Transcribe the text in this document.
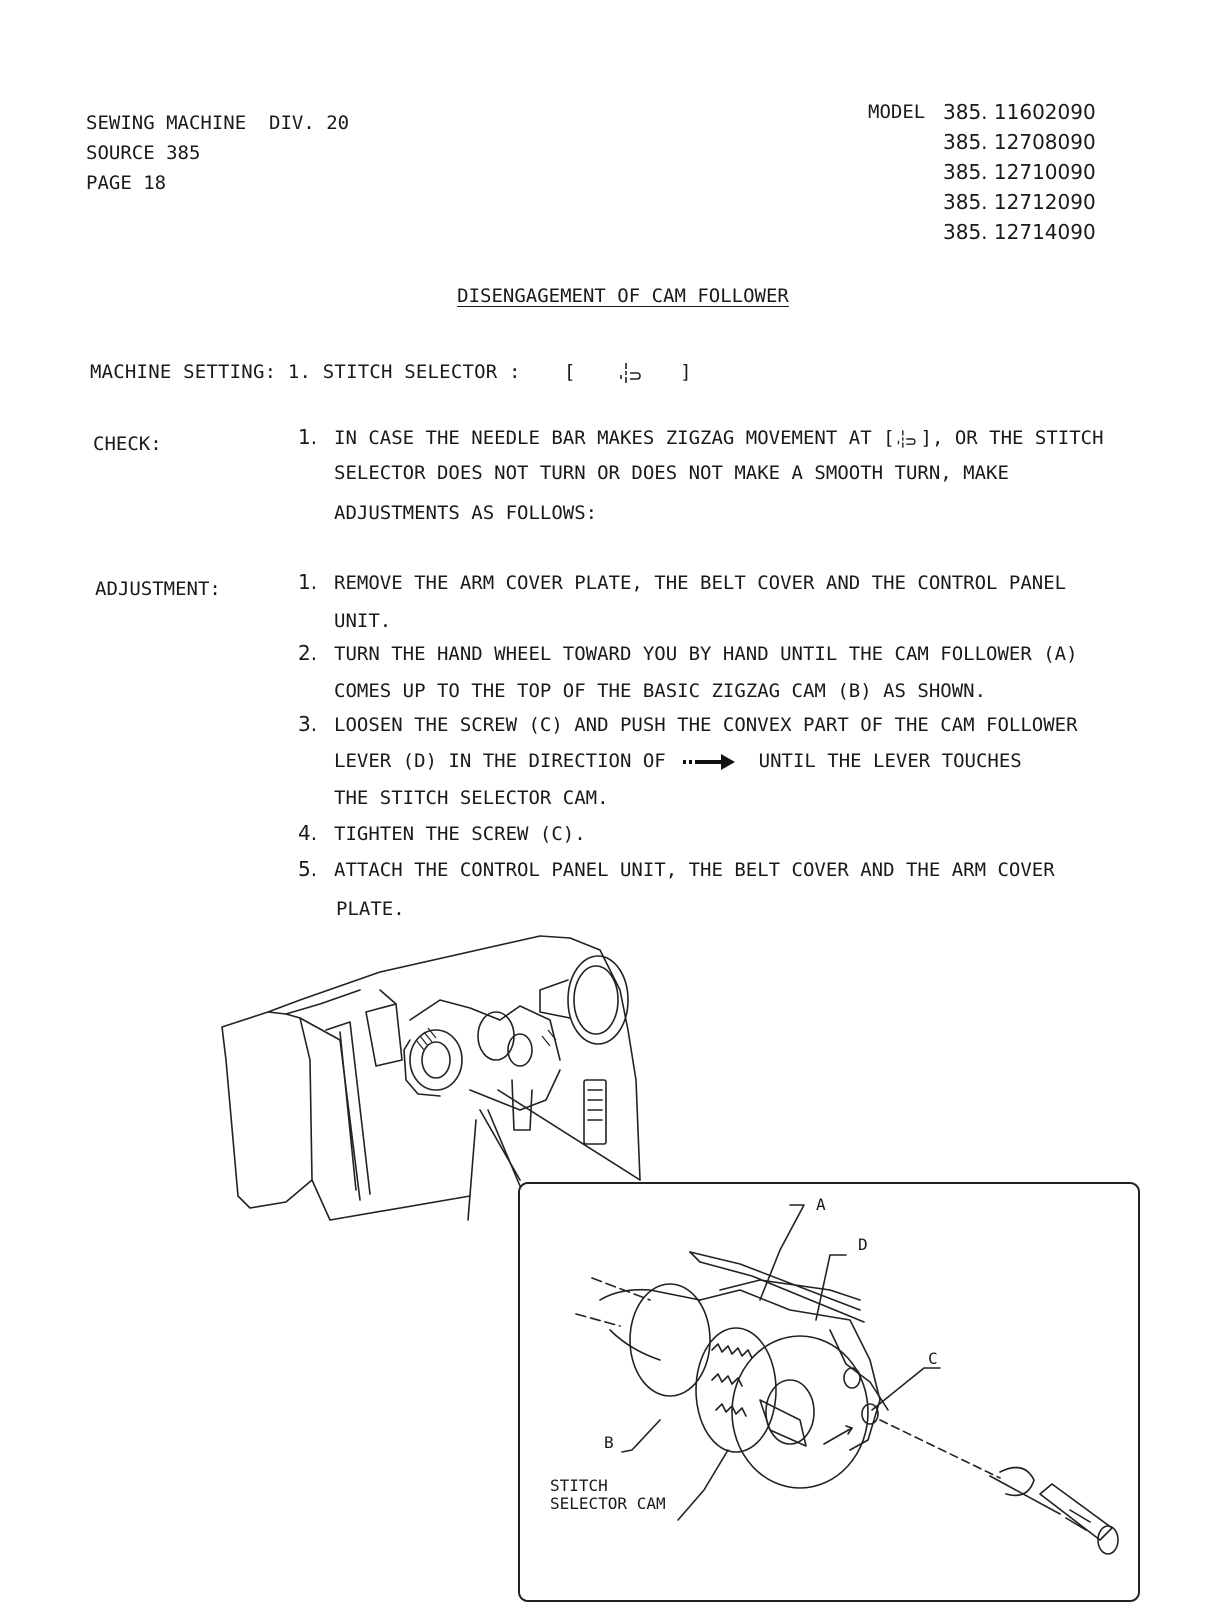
SEWING MACHINE  DIV. 20
SOURCE 385
PAGE 18
MODEL 385. 11602090
385. 12708090
385. 12710090
385. 12712090
385. 12714090
DISENGAGEMENT OF CAM FOLLOWER
MACHINE SETTING: 1. STITCH SELECTOR : [	]
CHECK:	1. IN CASE THE NEEDLE BAR MAKES ZIGZAG MOVEMENT AT [ ], OR THE STITCH
SELECTOR DOES NOT TURN OR DOES NOT MAKE A SMOOTH TURN, MAKE
ADJUSTMENTS AS FOLLOWS:
ADJUSTMENT:	1. REMOVE THE ARM COVER PLATE, THE BELT COVER AND THE CONTROL PANEL
UNIT.
2. TURN THE HAND WHEEL TOWARD YOU BY HAND UNTIL THE CAM FOLLOWER (A)
COMES UP TO THE TOP OF THE BASIC ZIGZAG CAM (B) AS SHOWN.
3. LOOSEN THE SCREW (C) AND PUSH THE CONVEX PART OF THE CAM FOLLOWER
LEVER (D) IN THE DIRECTION OF	UNTIL THE LEVER TOUCHES
THE STITCH SELECTOR CAM.
4. TIGHTEN THE SCREW (C).
5. ATTACH THE CONTROL PANEL UNIT, THE BELT COVER AND THE ARM COVER
PLATE.
A
D
C
B
STITCH
SELECTOR CAM
